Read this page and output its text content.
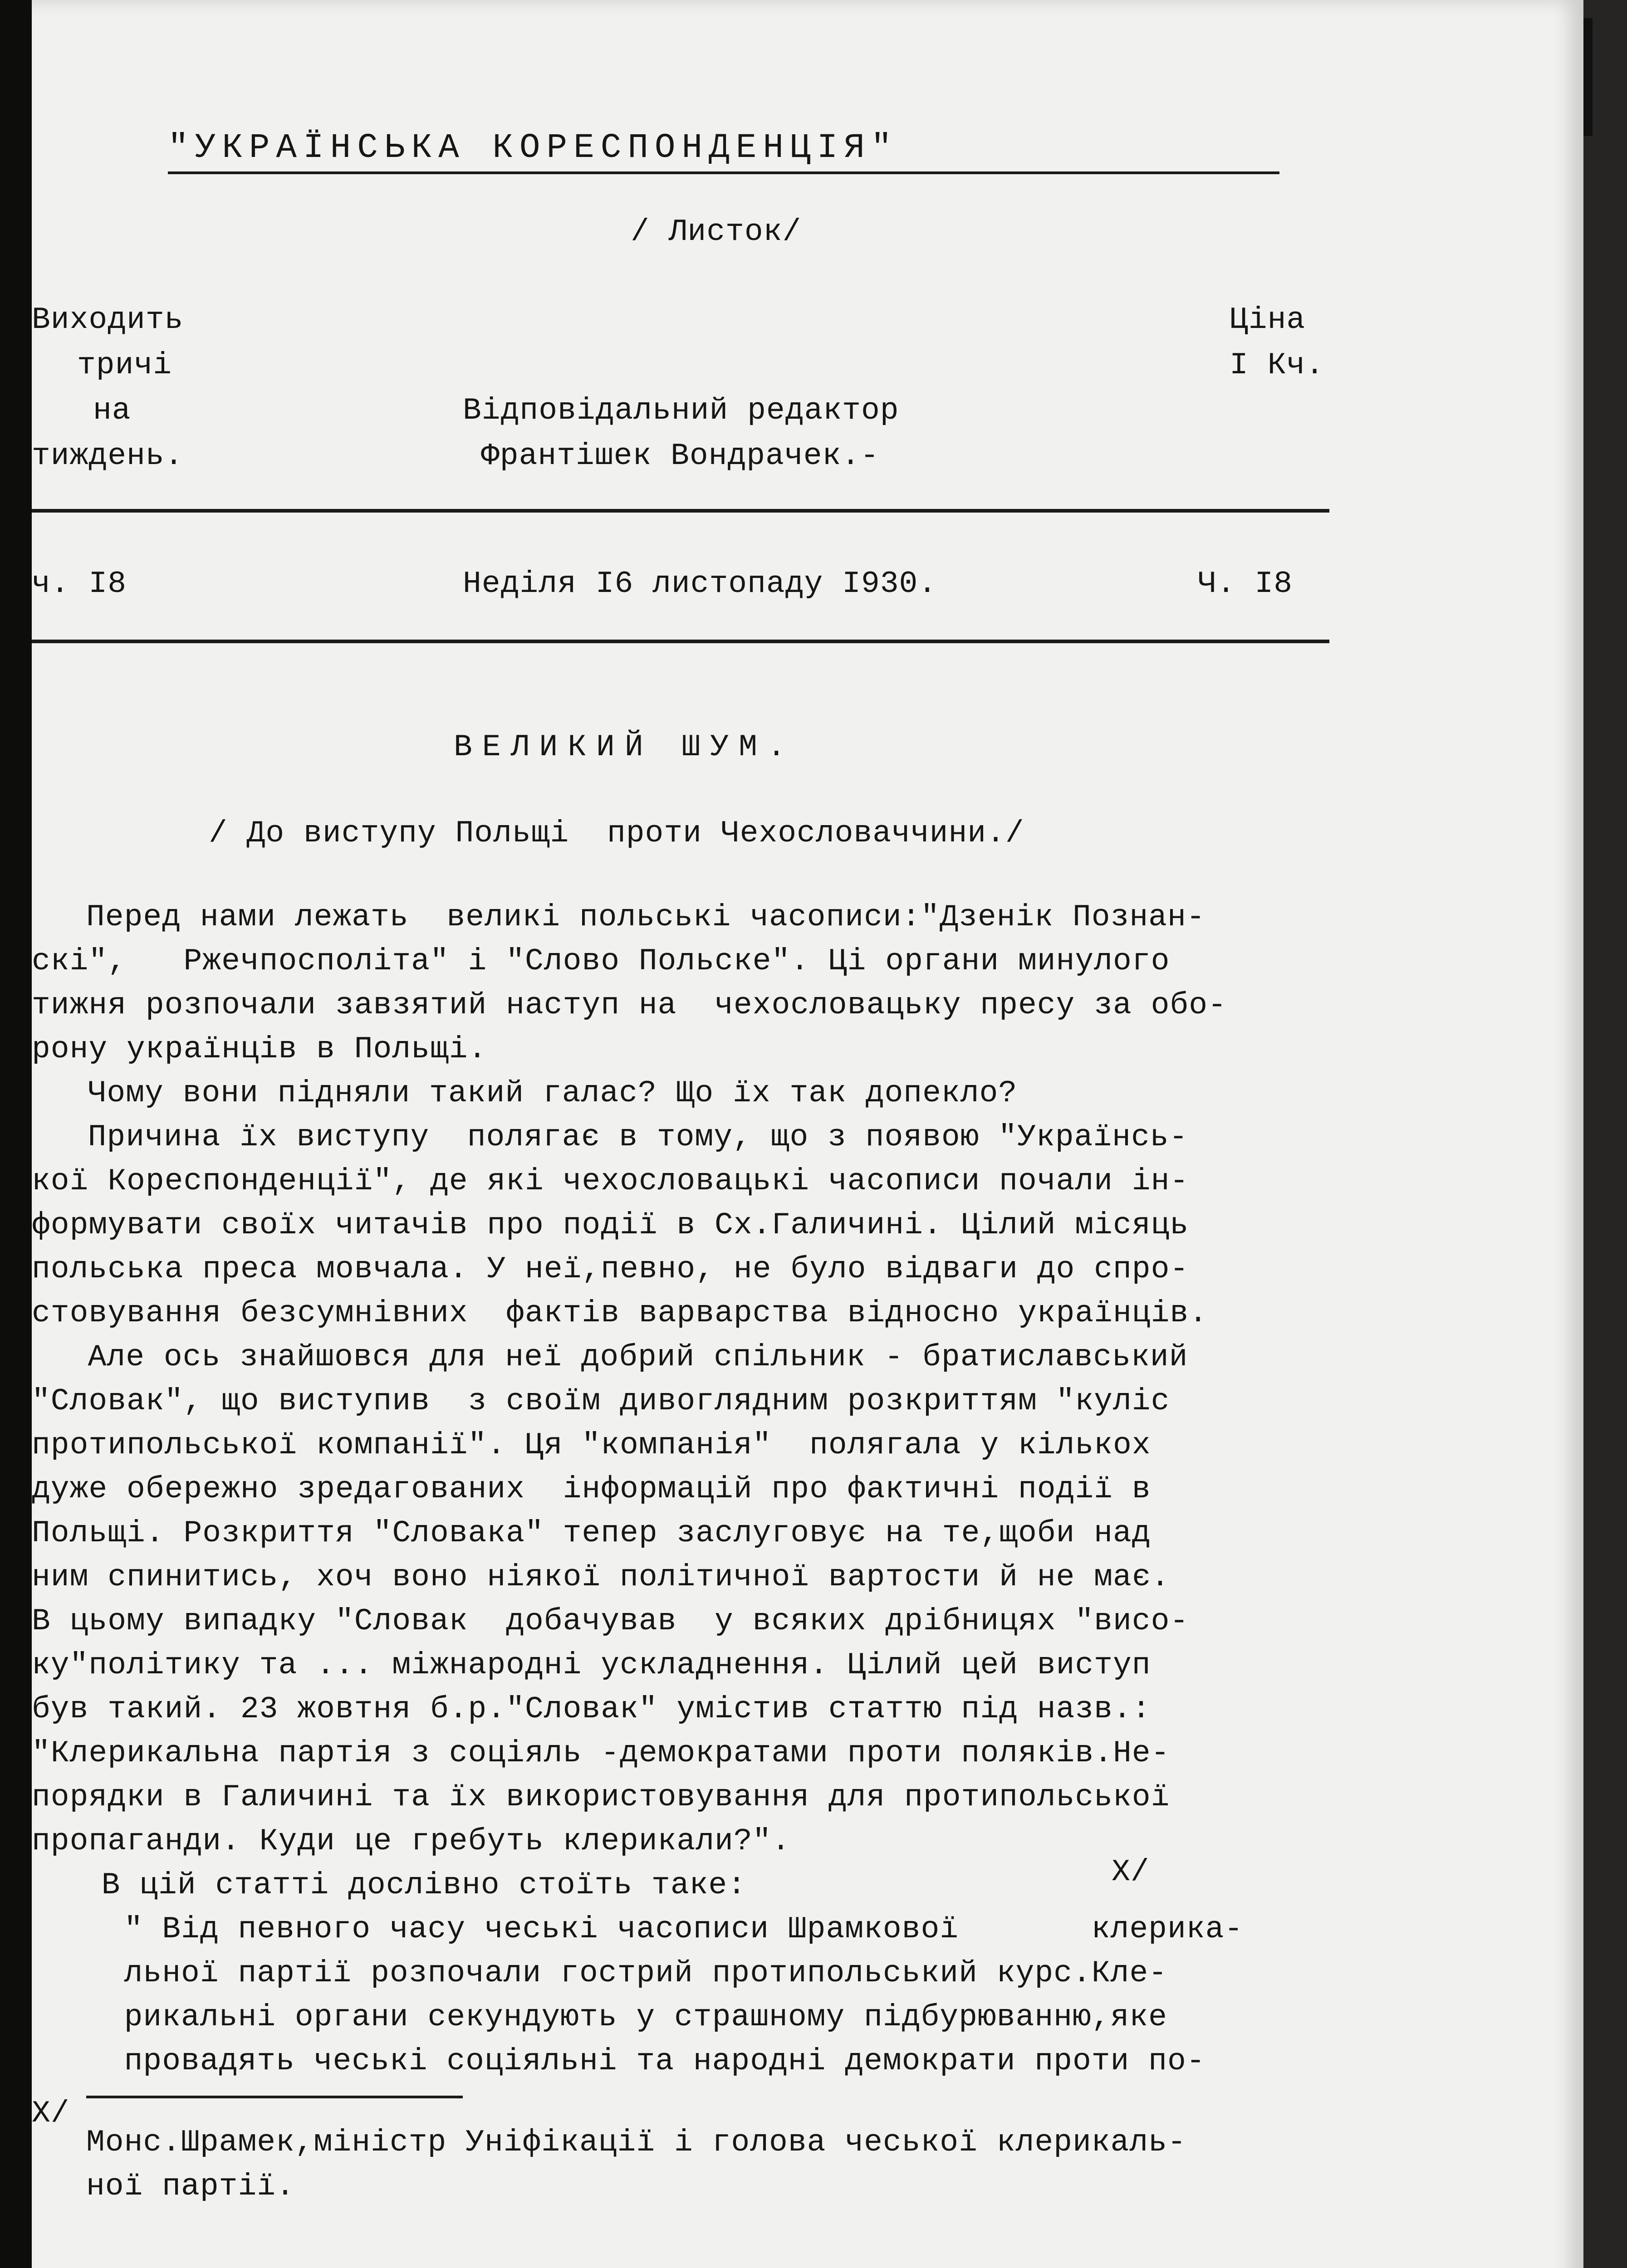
"УКРАЇНСЬКА КОРЕСПОНДЕНЦІЯ"
/ Листок/
Виходить
тричі
на
тиждень.
Ціна
І Кч.
Відповідальний редактор
Франтішек Вондрачек.-
ч. I8	Неділя I6 листопаду I930.	Ч. I8
ВЕЛИКИЙ ШУМ.
/ До виступу Польщі  проти Чехословаччини./
Перед нами лежать  великі польські часописи:"Дзенік Познан-
скі",   Ржечпосполіта" і "Слово Польске". Ці органи минулого
тижня розпочали завзятий наступ на  чехословацьку пресу за обо-
рону українців в Польщі.
Чому вони підняли такий галас? Що їх так допекло?
Причина їх виступу  полягає в тому, що з появою "Українсь-
кої Кореспонденції", де які чехословацькі часописи почали ін-
формувати своїх читачів про події в Сх.Галичині. Цілий місяць
польська преса мовчала. У неї,певно, не було відваги до спро-
стовування безсумнівних  фактів варварства відносно українців.
Але ось знайшовся для неї добрий спільник - братиславський
"Словак", що виступив  з своїм дивоглядним розкриттям "куліс
протипольської компанії". Ця "компанія"  полягала у кількох
дуже обережно зредагованих  інформацій про фактичні події в
Польщі. Розкриття "Словака" тепер заслуговує на те,щоби над
ним спинитись, хоч воно ніякої політичної вартости й не має.
В цьому випадку "Словак  добачував  у всяких дрібницях "висо-
ку"політику та ... міжнародні ускладнення. Цілий цей виступ
був такий. 23 жовтня б.р."Словак" умістив статтю під назв.:
"Клерикальна партія з соціяль -демократами проти поляків.Не-
порядки в Галичині та їх використовування для протипольської
пропаганди. Куди це гребуть клерикали?".
В цій статті дослівно стоїть таке:	Х/
" Від певного часу чеські часописи Шрамкової       клерика-
льної партії розпочали гострий протипольський курс.Кле-
рикальні органи секундують у страшному підбурюванню,яке
провадять чеські соціяльні та народні демократи проти по-
Х/
Монс.Шрамек,міністр Уніфікації і голова чеської клерикаль-
ної партії.
